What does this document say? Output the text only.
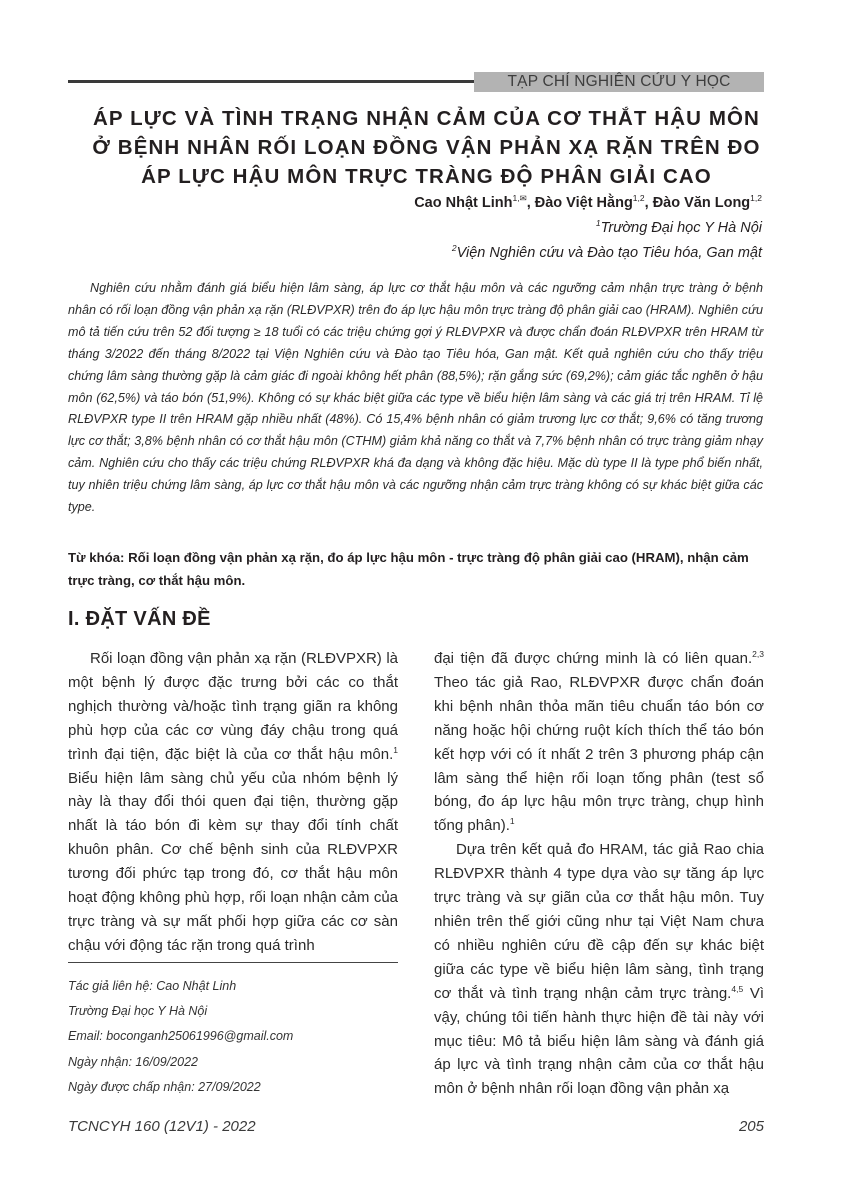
TẠP CHÍ NGHIÊN CỨU Y HỌC
ÁP LỰC VÀ TÌNH TRẠNG NHẬN CẢM CỦA CƠ THẮT HẬU MÔN
Ở BỆNH NHÂN RỐI LOẠN ĐỒNG VẬN PHẢN XẠ RẶN TRÊN ĐO
ÁP LỰC HẬU MÔN TRỰC TRÀNG ĐỘ PHÂN GIẢI CAO
Cao Nhật Linh$^{1,✉}$, Đào Việt Hằng$^{1,2}$, Đào Văn Long$^{1,2}$
$^1$Trường Đại học Y Hà Nội
$^2$Viện Nghiên cứu và Đào tạo Tiêu hóa, Gan mật

Nghiên cứu nhằm đánh giá biểu hiện lâm sàng, áp lực cơ thắt hậu môn và các ngưỡng cảm nhận trực tràng ở bệnh nhân có rối loạn đồng vận phản xạ rặn (RLĐVPXR) trên đo áp lực hậu môn trực tràng độ phân giải cao (HRAM). Nghiên cứu mô tả tiến cứu trên 52 đối tượng ≥ 18 tuổi có các triệu chứng gợi ý RLĐVPXR và được chẩn đoán RLĐVPXR trên HRAM từ tháng 3/2022 đến tháng 8/2022 tại Viện Nghiên cứu và Đào tạo Tiêu hóa, Gan mật. Kết quả nghiên cứu cho thấy triệu chứng lâm sàng thường gặp là cảm giác đi ngoài không hết phân (88,5%); rặn gắng sức (69,2%); cảm giác tắc nghẽn ở hậu môn (62,5%) và táo bón (51,9%). Không có sự khác biệt giữa các type về biểu hiện lâm sàng và các giá trị trên HRAM. Tỉ lệ RLĐVPXR type II trên HRAM gặp nhiều nhất (48%). Có 15,4% bệnh nhân có giảm trương lực cơ thắt; 9,6% có tăng trương lực cơ thắt; 3,8% bệnh nhân có cơ thắt hậu môn (CTHM) giảm khả năng co thắt và 7,7% bệnh nhân có trực tràng giảm nhạy cảm. Nghiên cứu cho thấy các triệu chứng RLĐVPXR khá đa dạng và không đặc hiệu. Mặc dù type II là type phổ biến nhất, tuy nhiên triệu chứng lâm sàng, áp lực cơ thắt hậu môn và các ngưỡng nhận cảm trực tràng không có sự khác biệt giữa các type.

Từ khóa: Rối loạn đồng vận phản xạ rặn, đo áp lực hậu môn - trực tràng độ phân giải cao (HRAM), nhận cảm trực tràng, cơ thắt hậu môn.

I. ĐẶT VẤN ĐỀ

Rối loạn đồng vận phản xạ rặn (RLĐVPXR) là một bệnh lý được đặc trưng bởi các co thắt nghịch thường và/hoặc tình trạng giãn ra không phù hợp của các cơ vùng đáy chậu trong quá trình đại tiện, đặc biệt là của cơ thắt hậu môn.$^1$ Biểu hiện lâm sàng chủ yếu của nhóm bệnh lý này là thay đổi thói quen đại tiện, thường gặp nhất là táo bón đi kèm sự thay đổi tính chất khuôn phân. Cơ chế bệnh sinh của RLĐVPXR tương đối phức tạp trong đó, cơ thắt hậu môn hoạt động không phù hợp, rối loạn nhận cảm của trực tràng và sự mất phối hợp giữa các cơ sàn chậu với động tác rặn trong quá trình

đại tiện đã được chứng minh là có liên quan.$^{2,3}$ Theo tác giả Rao, RLĐVPXR được chẩn đoán khi bệnh nhân thỏa mãn tiêu chuẩn táo bón cơ năng hoặc hội chứng ruột kích thích thể táo bón kết hợp với có ít nhất 2 trên 3 phương pháp cận lâm sàng thể hiện rối loạn tống phân (test sổ bóng, đo áp lực hậu môn trực tràng, chụp hình tống phân).$^1$

Dựa trên kết quả đo HRAM, tác giả Rao chia RLĐVPXR thành 4 type dựa vào sự tăng áp lực trực tràng và sự giãn của cơ thắt hậu môn. Tuy nhiên trên thế giới cũng như tại Việt Nam chưa có nhiều nghiên cứu đề cập đến sự khác biệt giữa các type về biểu hiện lâm sàng, tình trạng cơ thắt và tình trạng nhận cảm trực tràng.$^{4,5}$ Vì vậy, chúng tôi tiến hành thực hiện đề tài này với mục tiêu: Mô tả biểu hiện lâm sàng và đánh giá áp lực và tình trạng nhận cảm của cơ thắt hậu môn ở bệnh nhân rối loạn đồng vận phản xạ

Tác giả liên hệ: Cao Nhật Linh
Trường Đại học Y Hà Nội
Email: boconganh25061996@gmail.com
Ngày nhận: 16/09/2022
Ngày được chấp nhận: 27/09/2022
TCNCYH 160 (12V1) - 2022	205
